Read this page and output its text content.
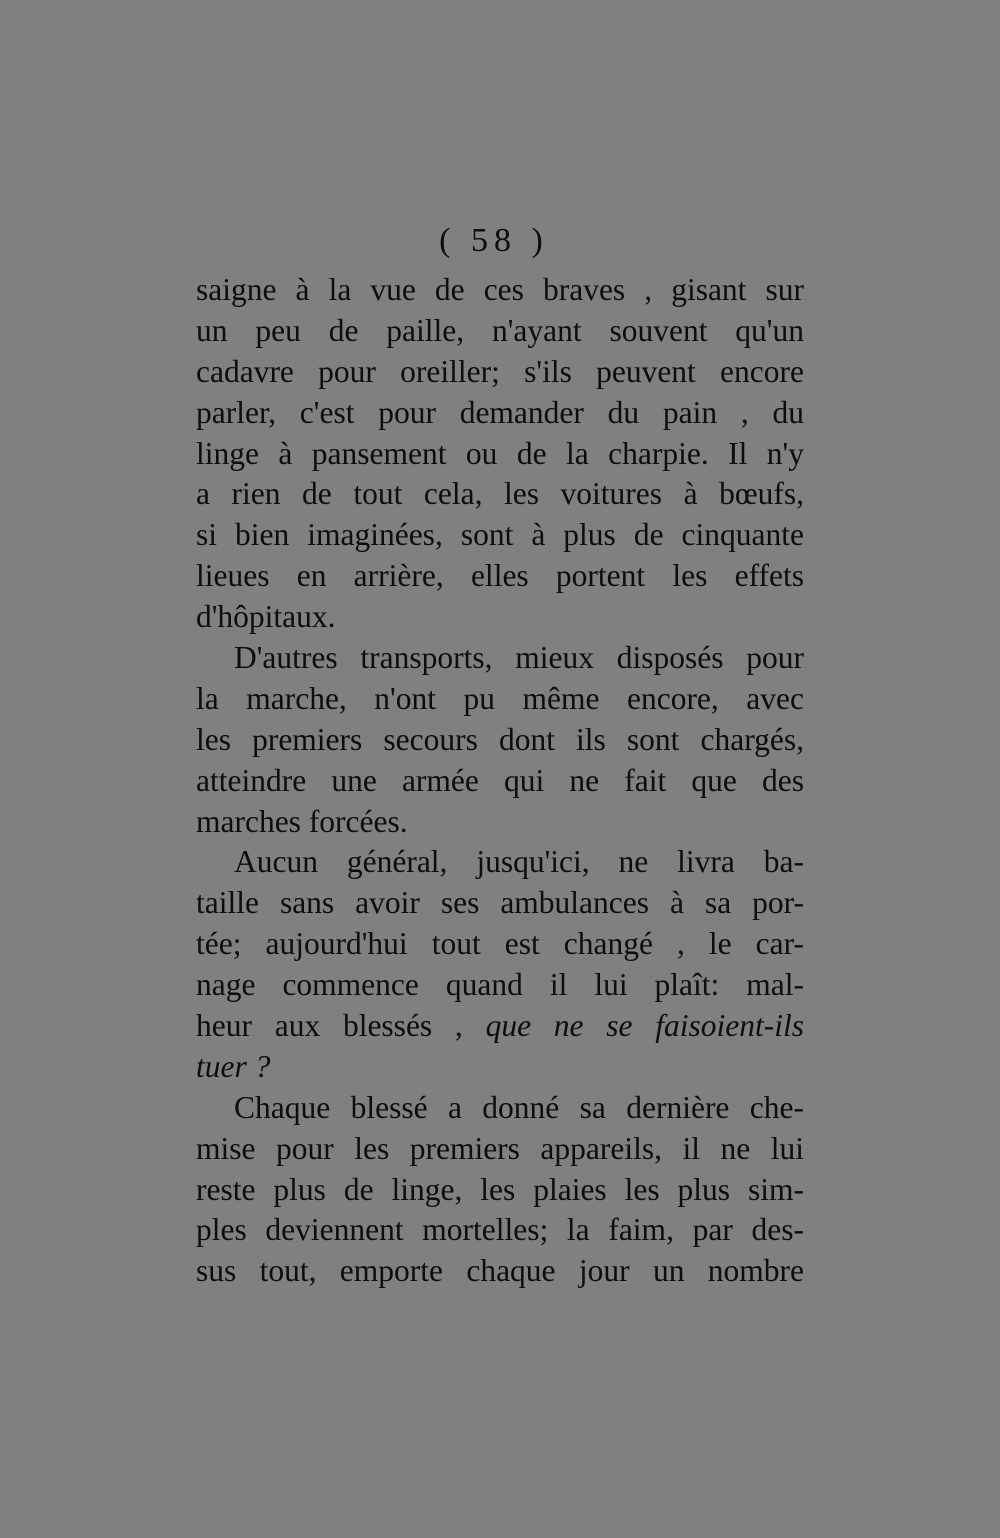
( 58 )
saigne à la vue de ces braves , gisant sur
un peu de paille, n'ayant souvent qu'un
cadavre pour oreiller; s'ils peuvent encore
parler, c'est pour demander du pain , du
linge à pansement ou de la charpie. Il n'y
a rien de tout cela, les voitures à bœufs,
si bien imaginées, sont à plus de cinquante
lieues en arrière, elles portent les effets
d'hôpitaux.
D'autres transports, mieux disposés pour
la marche, n'ont pu même encore, avec
les premiers secours dont ils sont chargés,
atteindre une armée qui ne fait que des
marches forcées.
Aucun général, jusqu'ici, ne livra ba-
taille sans avoir ses ambulances à sa por-
tée; aujourd'hui tout est changé , le car-
nage commence quand il lui plaît: mal-
heur aux blessés , que ne se faisoient-ils
tuer ?
Chaque blessé a donné sa dernière che-
mise pour les premiers appareils, il ne lui
reste plus de linge, les plaies les plus sim-
ples deviennent mortelles; la faim, par des-
sus tout, emporte chaque jour un nombre
